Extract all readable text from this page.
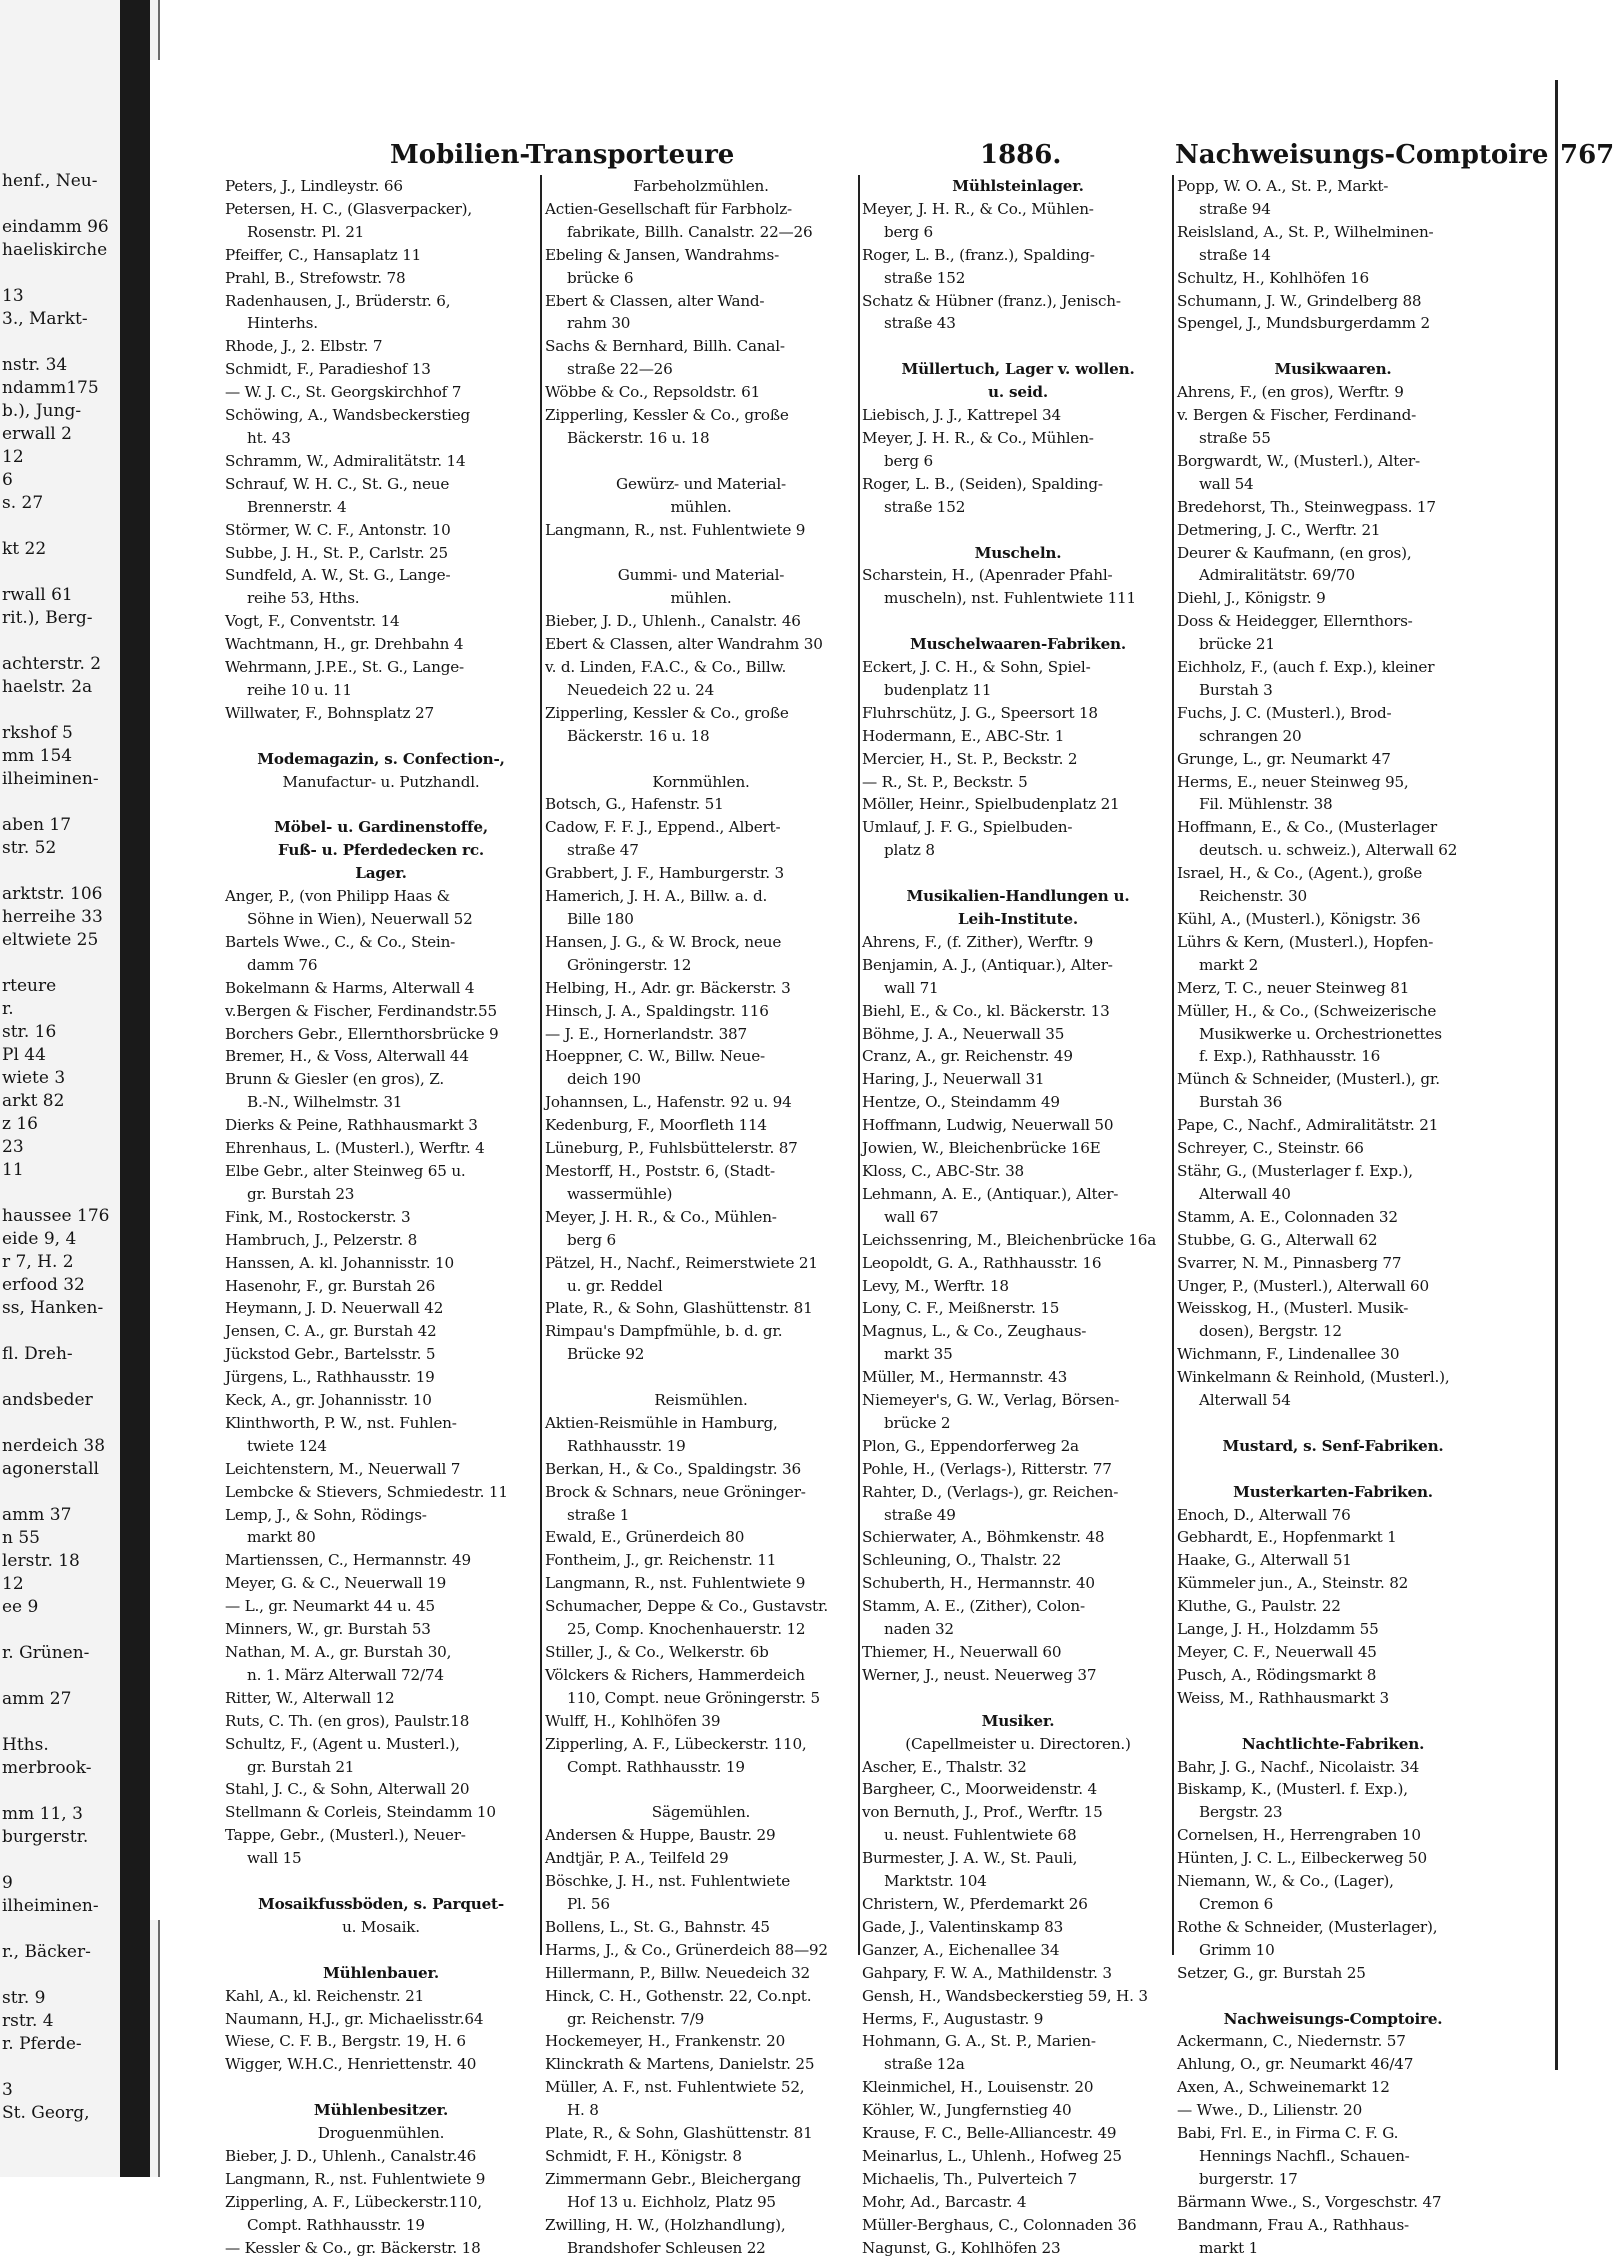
henf., Neu-

eindamm 96
haeliskirche

13
3., Markt-

nstr. 34
ndamm175
b.), Jung-
erwall 2
12
6
s. 27

kt 22

rwall 61
rit.), Berg-

achterstr. 2
haelstr. 2a

rkshof 5
mm 154
ilheiminen-

aben 17
str. 52

arktstr. 106
herreihe 33
eltwiete 25

rteure
r.
str. 16
Pl 44
wiete 3
arkt 82
z 16
23
11

haussee 176
eide 9, 4
r 7, H. 2
erfood 32
ss, Hanken-

fl. Dreh-

andsbeder

nerdeich 38
agonerstall

amm 37
n 55
lerstr. 18
12
ee 9

r. Grünen-

amm 27

Hths.
merbrook-

mm 11, 3
burgerstr.

9
ilheiminen-

r., Bäcker-

str. 9
rstr. 4
r. Pferde-

3
St. Georg,
Mobilien-Transporteure	1886.	Nachweisungs-Comptoire 767
Peters, J., Lindleystr. 66
Petersen, H. C., (Glasverpacker),
Rosenstr. Pl. 21
Pfeiffer, C., Hansaplatz 11
Prahl, B., Strefowstr. 78
Radenhausen, J., Brüderstr. 6,
Hinterhs.
Rhode, J., 2. Elbstr. 7
Schmidt, F., Paradieshof 13
— W. J. C., St. Georgskirchhof 7
Schöwing, A., Wandsbeckerstieg
ht. 43
Schramm, W., Admiralitätstr. 14
Schrauf, W. H. C., St. G., neue
Brennerstr. 4
Störmer, W. C. F., Antonstr. 10
Subbe, J. H., St. P., Carlstr. 25
Sundfeld, A. W., St. G., Lange-
reihe 53, Hths.
Vogt, F., Conventstr. 14
Wachtmann, H., gr. Drehbahn 4
Wehrmann, J.P.E., St. G., Lange-
reihe 10 u. 11
Willwater, F., Bohnsplatz 27

Modemagazin, s. Confection-,
Manufactur- u. Putzhandl.

Möbel- u. Gardinenstoffe,
Fuß- u. Pferdedecken rc.
Lager.
Anger, P., (von Philipp Haas &
Söhne in Wien), Neuerwall 52
Bartels Wwe., C., & Co., Stein-
damm 76
Bokelmann & Harms, Alterwall 4
v.Bergen & Fischer, Ferdinandstr.55
Borchers Gebr., Ellernthorsbrücke 9
Bremer, H., & Voss, Alterwall 44
Brunn & Giesler (en gros), Z.
B.-N., Wilhelmstr. 31
Dierks & Peine, Rathhausmarkt 3
Ehrenhaus, L. (Musterl.), Werftr. 4
Elbe Gebr., alter Steinweg 65 u.
gr. Burstah 23
Fink, M., Rostockerstr. 3
Hambruch, J., Pelzerstr. 8
Hanssen, A. kl. Johannisstr. 10
Hasenohr, F., gr. Burstah 26
Heymann, J. D. Neuerwall 42
Jensen, C. A., gr. Burstah 42
Jückstod Gebr., Bartelsstr. 5
Jürgens, L., Rathhausstr. 19
Keck, A., gr. Johannisstr. 10
Klinthworth, P. W., nst. Fuhlen-
twiete 124
Leichtenstern, M., Neuerwall 7
Lembcke & Stievers, Schmiedestr. 11
Lemp, J., & Sohn, Rödings-
markt 80
Martienssen, C., Hermannstr. 49
Meyer, G. & C., Neuerwall 19
— L., gr. Neumarkt 44 u. 45
Minners, W., gr. Burstah 53
Nathan, M. A., gr. Burstah 30,
n. 1. März Alterwall 72/74
Ritter, W., Alterwall 12
Ruts, C. Th. (en gros), Paulstr.18
Schultz, F., (Agent u. Musterl.),
gr. Burstah 21
Stahl, J. C., & Sohn, Alterwall 20
Stellmann & Corleis, Steindamm 10
Tappe, Gebr., (Musterl.), Neuer-
wall 15

Mosaikfussböden, s. Parquet-
u. Mosaik.

Mühlenbauer.
Kahl, A., kl. Reichenstr. 21
Naumann, H.J., gr. Michaelisstr.64
Wiese, C. F. B., Bergstr. 19, H. 6
Wigger, W.H.C., Henriettenstr. 40

Mühlenbesitzer.
Droguenmühlen.
Bieber, J. D., Uhlenh., Canalstr.46
Langmann, R., nst. Fuhlentwiete 9
Zipperling, A. F., Lübeckerstr.110,
Compt. Rathhausstr. 19
— Kessler & Co., gr. Bäckerstr. 18
Farbeholzmühlen.
Actien-Gesellschaft für Farbholz-
fabrikate, Billh. Canalstr. 22—26
Ebeling & Jansen, Wandrahms-
brücke 6
Ebert & Classen, alter Wand-
rahm 30
Sachs & Bernhard, Billh. Canal-
straße 22—26
Wöbbe & Co., Repsoldstr. 61
Zipperling, Kessler & Co., große
Bäckerstr. 16 u. 18

Gewürz- und Material-
mühlen.
Langmann, R., nst. Fuhlentwiete 9

Gummi- und Material-
mühlen.
Bieber, J. D., Uhlenh., Canalstr. 46
Ebert & Classen, alter Wandrahm 30
v. d. Linden, F.A.C., & Co., Billw.
Neuedeich 22 u. 24
Zipperling, Kessler & Co., große
Bäckerstr. 16 u. 18

Kornmühlen.
Botsch, G., Hafenstr. 51
Cadow, F. F. J., Eppend., Albert-
straße 47
Grabbert, J. F., Hamburgerstr. 3
Hamerich, J. H. A., Billw. a. d.
Bille 180
Hansen, J. G., & W. Brock, neue
Gröningerstr. 12
Helbing, H., Adr. gr. Bäckerstr. 3
Hinsch, J. A., Spaldingstr. 116
— J. E., Hornerlandstr. 387
Hoeppner, C. W., Billw. Neue-
deich 190
Johannsen, L., Hafenstr. 92 u. 94
Kedenburg, F., Moorfleth 114
Lüneburg, P., Fuhlsbüttelerstr. 87
Mestorff, H., Poststr. 6, (Stadt-
wassermühle)
Meyer, J. H. R., & Co., Mühlen-
berg 6
Pätzel, H., Nachf., Reimerstwiete 21
u. gr. Reddel
Plate, R., & Sohn, Glashüttenstr. 81
Rimpau's Dampfmühle, b. d. gr.
Brücke 92

Reismühlen.
Aktien-Reismühle in Hamburg,
Rathhausstr. 19
Berkan, H., & Co., Spaldingstr. 36
Brock & Schnars, neue Gröninger-
straße 1
Ewald, E., Grünerdeich 80
Fontheim, J., gr. Reichenstr. 11
Langmann, R., nst. Fuhlentwiete 9
Schumacher, Deppe & Co., Gustavstr.
25, Comp. Knochenhauerstr. 12
Stiller, J., & Co., Welkerstr. 6b
Völckers & Richers, Hammerdeich
110, Compt. neue Gröningerstr. 5
Wulff, H., Kohlhöfen 39
Zipperling, A. F., Lübeckerstr. 110,
Compt. Rathhausstr. 19

Sägemühlen.
Andersen & Huppe, Baustr. 29
Andtjär, P. A., Teilfeld 29
Böschke, J. H., nst. Fuhlentwiete
Pl. 56
Bollens, L., St. G., Bahnstr. 45
Harms, J., & Co., Grünerdeich 88—92
Hillermann, P., Billw. Neuedeich 32
Hinck, C. H., Gothenstr. 22, Co.npt.
gr. Reichenstr. 7/9
Hockemeyer, H., Frankenstr. 20
Klinckrath & Martens, Danielstr. 25
Müller, A. F., nst. Fuhlentwiete 52,
H. 8
Plate, R., & Sohn, Glashüttenstr. 81
Schmidt, F. H., Königstr. 8
Zimmermann Gebr., Bleichergang
Hof 13 u. Eichholz, Platz 95
Zwilling, H. W., (Holzhandlung),
Brandshofer Schleusen 22
Mühlsteinlager.
Meyer, J. H. R., & Co., Mühlen-
berg 6
Roger, L. B., (franz.), Spalding-
straße 152
Schatz & Hübner (franz.), Jenisch-
straße 43

Müllertuch, Lager v. wollen.
u. seid.
Liebisch, J. J., Kattrepel 34
Meyer, J. H. R., & Co., Mühlen-
berg 6
Roger, L. B., (Seiden), Spalding-
straße 152

Muscheln.
Scharstein, H., (Apenrader Pfahl-
muscheln), nst. Fuhlentwiete 111

Muschelwaaren-Fabriken.
Eckert, J. C. H., & Sohn, Spiel-
budenplatz 11
Fluhrschütz, J. G., Speersort 18
Hodermann, E., ABC-Str. 1
Mercier, H., St. P., Beckstr. 2
— R., St. P., Beckstr. 5
Möller, Heinr., Spielbudenplatz 21
Umlauf, J. F. G., Spielbuden-
platz 8

Musikalien-Handlungen u.
Leih-Institute.
Ahrens, F., (f. Zither), Werftr. 9
Benjamin, A. J., (Antiquar.), Alter-
wall 71
Biehl, E., & Co., kl. Bäckerstr. 13
Böhme, J. A., Neuerwall 35
Cranz, A., gr. Reichenstr. 49
Haring, J., Neuerwall 31
Hentze, O., Steindamm 49
Hoffmann, Ludwig, Neuerwall 50
Jowien, W., Bleichenbrücke 16E
Kloss, C., ABC-Str. 38
Lehmann, A. E., (Antiquar.), Alter-
wall 67
Leichssenring, M., Bleichenbrücke 16a
Leopoldt, G. A., Rathhausstr. 16
Levy, M., Werftr. 18
Lony, C. F., Meißnerstr. 15
Magnus, L., & Co., Zeughaus-
markt 35
Müller, M., Hermannstr. 43
Niemeyer's, G. W., Verlag, Börsen-
brücke 2
Plon, G., Eppendorferweg 2a
Pohle, H., (Verlags-), Ritterstr. 77
Rahter, D., (Verlags-), gr. Reichen-
straße 49
Schierwater, A., Böhmkenstr. 48
Schleuning, O., Thalstr. 22
Schuberth, H., Hermannstr. 40
Stamm, A. E., (Zither), Colon-
naden 32
Thiemer, H., Neuerwall 60
Werner, J., neust. Neuerweg 37

Musiker.
(Capellmeister u. Directoren.)
Ascher, E., Thalstr. 32
Bargheer, C., Moorweidenstr. 4
von Bernuth, J., Prof., Werftr. 15
u. neust. Fuhlentwiete 68
Burmester, J. A. W., St. Pauli,
Marktstr. 104
Christern, W., Pferdemarkt 26
Gade, J., Valentinskamp 83
Ganzer, A., Eichenallee 34
Gahpary, F. W. A., Mathildenstr. 3
Gensh, H., Wandsbeckerstieg 59, H. 3
Herms, F., Augustastr. 9
Hohmann, G. A., St. P., Marien-
straße 12a
Kleinmichel, H., Louisenstr. 20
Köhler, W., Jungfernstieg 40
Krause, F. C., Belle-Alliancestr. 49
Meinarlus, L., Uhlenh., Hofweg 25
Michaelis, Th., Pulverteich 7
Mohr, Ad., Barcastr. 4
Müller-Berghaus, C., Colonnaden 36
Nagunst, G., Kohlhöfen 23
Popp, W. O. A., St. P., Markt-
straße 94
Reislsland, A., St. P., Wilhelminen-
straße 14
Schultz, H., Kohlhöfen 16
Schumann, J. W., Grindelberg 88
Spengel, J., Mundsburgerdamm 2

Musikwaaren.
Ahrens, F., (en gros), Werftr. 9
v. Bergen & Fischer, Ferdinand-
straße 55
Borgwardt, W., (Musterl.), Alter-
wall 54
Bredehorst, Th., Steinwegpass. 17
Detmering, J. C., Werftr. 21
Deurer & Kaufmann, (en gros),
Admiralitätstr. 69/70
Diehl, J., Königstr. 9
Doss & Heidegger, Ellernthors-
brücke 21
Eichholz, F., (auch f. Exp.), kleiner
Burstah 3
Fuchs, J. C. (Musterl.), Brod-
schrangen 20
Grunge, L., gr. Neumarkt 47
Herms, E., neuer Steinweg 95,
Fil. Mühlenstr. 38
Hoffmann, E., & Co., (Musterlager
deutsch. u. schweiz.), Alterwall 62
Israel, H., & Co., (Agent.), große
Reichenstr. 30
Kühl, A., (Musterl.), Königstr. 36
Lührs & Kern, (Musterl.), Hopfen-
markt 2
Merz, T. C., neuer Steinweg 81
Müller, H., & Co., (Schweizerische
Musikwerke u. Orchestrionettes
f. Exp.), Rathhausstr. 16
Münch & Schneider, (Musterl.), gr.
Burstah 36
Pape, C., Nachf., Admiralitätstr. 21
Schreyer, C., Steinstr. 66
Stähr, G., (Musterlager f. Exp.),
Alterwall 40
Stamm, A. E., Colonnaden 32
Stubbe, G. G., Alterwall 62
Svarrer, N. M., Pinnasberg 77
Unger, P., (Musterl.), Alterwall 60
Weisskog, H., (Musterl. Musik-
dosen), Bergstr. 12
Wichmann, F., Lindenallee 30
Winkelmann & Reinhold, (Musterl.),
Alterwall 54

Mustard, s. Senf-Fabriken.

Musterkarten-Fabriken.
Enoch, D., Alterwall 76
Gebhardt, E., Hopfenmarkt 1
Haake, G., Alterwall 51
Kümmeler jun., A., Steinstr. 82
Kluthe, G., Paulstr. 22
Lange, J. H., Holzdamm 55
Meyer, C. F., Neuerwall 45
Pusch, A., Rödingsmarkt 8
Weiss, M., Rathhausmarkt 3

Nachtlichte-Fabriken.
Bahr, J. G., Nachf., Nicolaistr. 34
Biskamp, K., (Musterl. f. Exp.),
Bergstr. 23
Cornelsen, H., Herrengraben 10
Hünten, J. C. L., Eilbeckerweg 50
Niemann, W., & Co., (Lager),
Cremon 6
Rothe & Schneider, (Musterlager),
Grimm 10
Setzer, G., gr. Burstah 25

Nachweisungs-Comptoire.
Ackermann, C., Niedernstr. 57
Ahlung, O., gr. Neumarkt 46/47
Axen, A., Schweinemarkt 12
— Wwe., D., Lilienstr. 20
Babi, Frl. E., in Firma C. F. G.
Hennings Nachfl., Schauen-
burgerstr. 17
Bärmann Wwe., S., Vorgeschstr. 47
Bandmann, Frau A., Rathhaus-
markt 1
